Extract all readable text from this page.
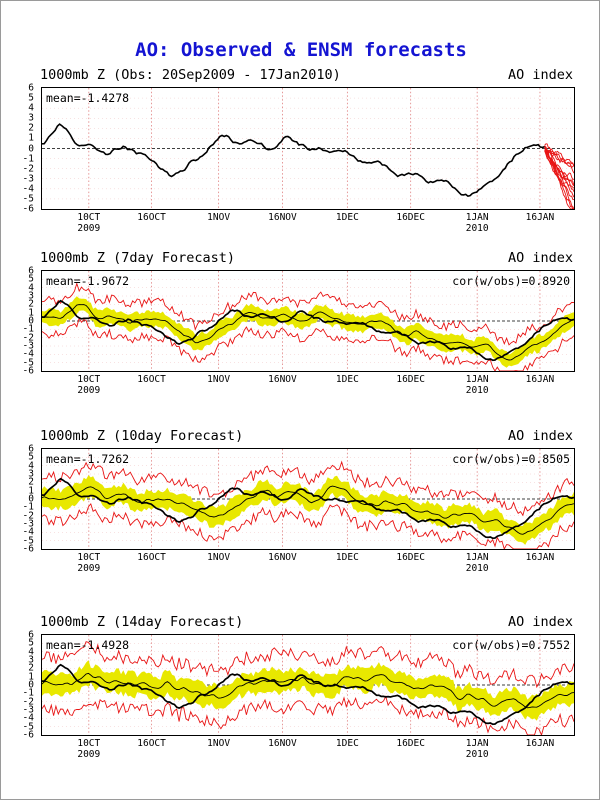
AO: Observed & ENSM forecasts
1000mb Z (Obs: 20Sep2009 - 17Jan2010)	AO index
mean=-1.4278
6
5
4
3
2
1
0
-1
-2
-3
-4
-5
-6
10CT
2009
16OCT	1NOV	16NOV	1DEC	16DEC	1JAN
2010
16JAN
1000mb Z (7day Forecast)	AO index
mean=-1.9672	cor(w/obs)=0.8920
6
5
4
3
2
1
0
-1
-2
-3
-4
-5
-6
10CT
2009
16OCT	1NOV	16NOV	1DEC	16DEC	1JAN
2010
16JAN
1000mb Z (10day Forecast)	AO index
mean=-1.7262	cor(w/obs)=0.8505
6
5
4
3
2
1
0
-1
-2
-3
-4
-5
-6
10CT
2009
16OCT	1NOV	16NOV	1DEC	16DEC	1JAN
2010
16JAN
1000mb Z (14day Forecast)	AO index
mean=-1.4928	cor(w/obs)=0.7552
6
5
4
3
2
1
0
-1
-2
-3
-4
-5
-6
10CT
2009
16OCT	1NOV	16NOV	1DEC	16DEC	1JAN
2010
16JAN
